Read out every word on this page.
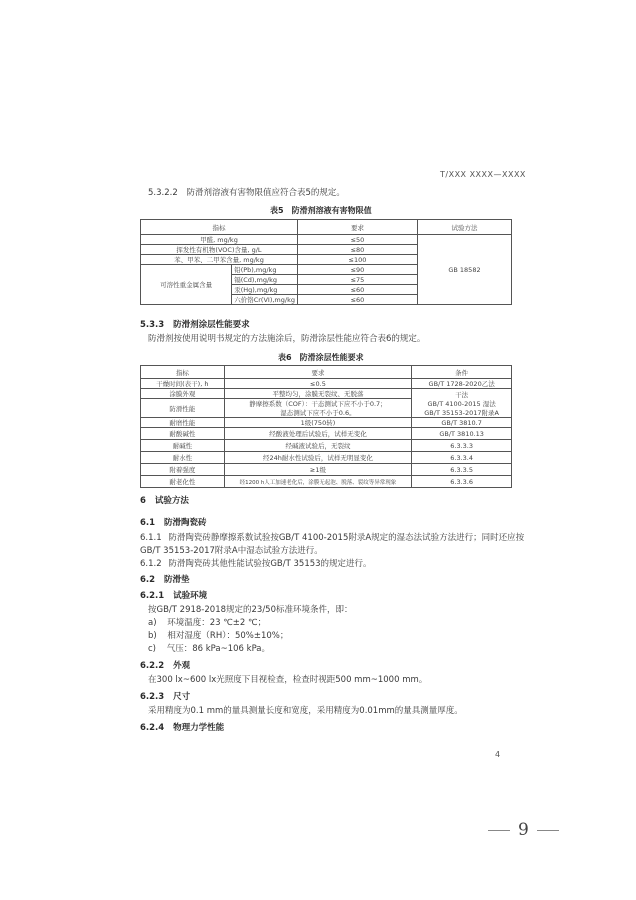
T/XXX XXXX—XXXX
5.3.2.2 防滑剂溶液有害物限值应符合表5的规定。
表5　防滑剂溶液有害物限值
指标		要求	试验方法
甲醛, mg/kg		≤50	GB 18582
挥发性有机物(VOC)含量, g/L		≤80	
苯、甲苯、二甲苯含量, mg/kg		≤100	
可溶性重金属含量	铅(Pb),mg/kg	≤90	
	镉(Cd),mg/kg	≤75	
	汞(Hg),mg/kg	≤60	
	六价铬Cr(VI),mg/kg	≤60	
5.3.3 防滑剂涂层性能要求
防滑剂按使用说明书规定的方法施涂后，防滑涂层性能应符合表6的规定。
表6　防滑涂层性能要求
指标	要求	条件
干燥时间(表干), h	≤0.5	GB/T 1728-2020乙法
涂膜外观	平整均匀，涂膜无裂纹、无脱落	干法
GB/T 4100-2015 湿法
GB/T 35153-2017附录A

防滑性能	静摩擦系数（COF）：干态测试下应不小于0.7；
湿态测试下应不小于0.6。	

耐磨性能	1级(750转)	GB/T 3810.7
耐酸碱性	经酸液处理后试验后，试样无变化	GB/T 3810.13
耐碱性	经碱液试验后，无裂纹	6.3.3.3
耐水性	经24h耐水性试验后，试样无明显变化	6.3.3.4
附着强度	≥1级	6.3.3.5
耐老化性	经1200 h人工加速老化后，涂膜无起泡、脱落、裂纹等异常现象	6.3.3.6
6 试验方法
6.1 防滑陶瓷砖
6.1.1 防滑陶瓷砖静摩擦系数试验按GB/T 4100-2015附录A规定的湿态法试验方法进行；同时还应按
GB/T 35153-2017附录A中湿态试验方法进行。
6.1.2 防滑陶瓷砖其他性能试验按GB/T 35153的规定进行。
6.2 防滑垫
6.2.1 试验环境
按GB/T 2918-2018规定的23/50标准环境条件，即：
a) 环境温度：23 ℃±2 ℃；
b) 相对湿度（RH）：50%±10%；
c) 气压：86 kPa~106 kPa。
6.2.2 外观
在300 lx~600 lx光照度下目视检查，检查时视距500 mm~1000 mm。
6.2.3 尺寸
采用精度为0.1 mm的量具测量长度和宽度，采用精度为0.01mm的量具测量厚度。
6.2.4 物理力学性能
4
9
